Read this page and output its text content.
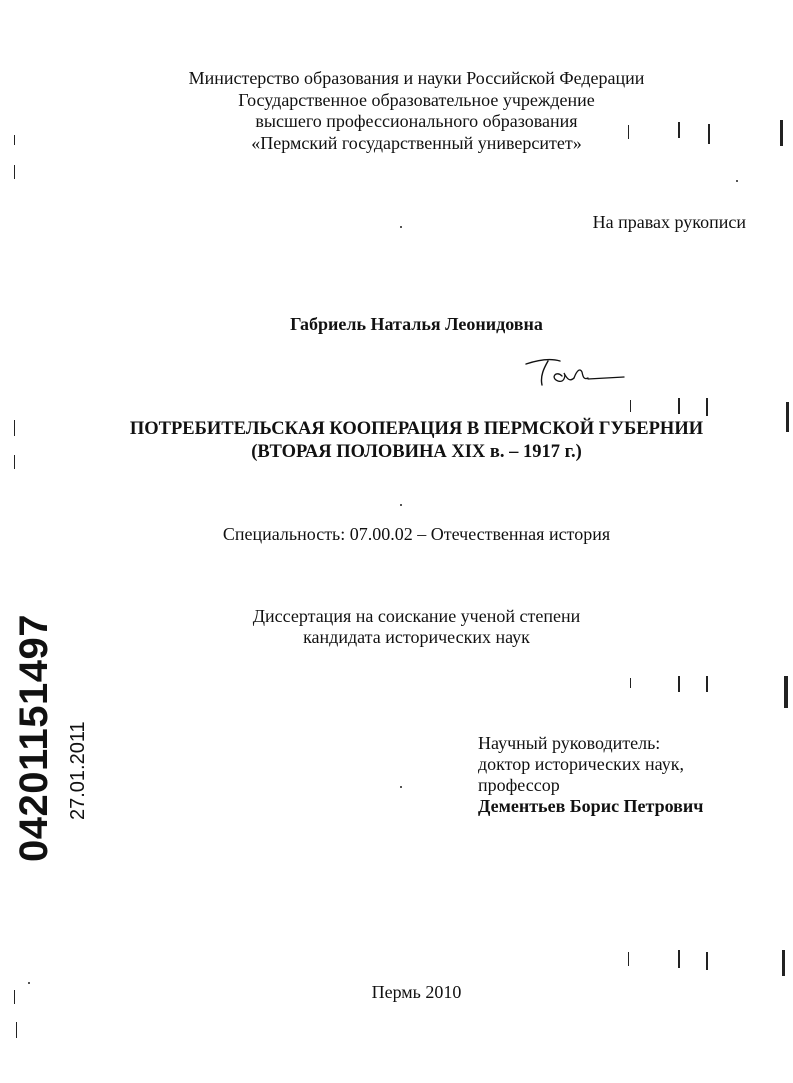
Министерство образования и науки Российской Федерации
Государственное образовательное учреждение
высшего профессионального образования
«Пермский государственный университет»
На правах рукописи
Габриель Наталья Леонидовна
ПОТРЕБИТЕЛЬСКАЯ КООПЕРАЦИЯ В ПЕРМСКОЙ ГУБЕРНИИ
(ВТОРАЯ ПОЛОВИНА XIX в. – 1917 г.)
Специальность: 07.00.02 – Отечественная история
Диссертация на соискание ученой степени
кандидата исторических наук
Научный руководитель:
доктор исторических наук,
профессор
Дементьев Борис Петрович
Пермь 2010
04201151497 27.01.2011
